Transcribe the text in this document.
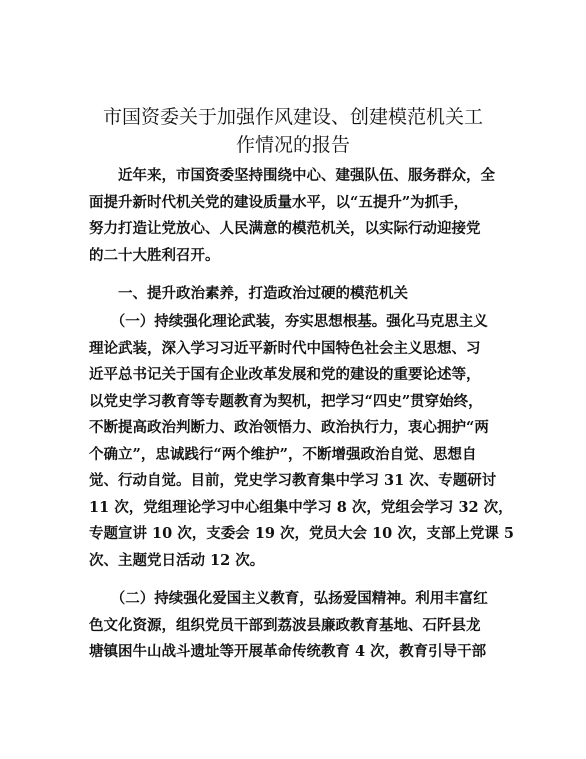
市国资委关于加强作风建设、创建模范机关工
作情况的报告
　　近年来，市国资委坚持围绕中心、建强队伍、服务群众，全
面提升新时代机关党的建设质量水平，以“五提升”为抓手，
努力打造让党放心、人民满意的模范机关，以实际行动迎接党
的二十大胜利召开。
　　一、提升政治素养，打造政治过硬的模范机关
　　（一）持续强化理论武装，夯实思想根基。强化马克思主义
理论武装，深入学习习近平新时代中国特色社会主义思想、习
近平总书记关于国有企业改革发展和党的建设的重要论述等，
以党史学习教育等专题教育为契机，把学习“四史”贯穿始终，
不断提高政治判断力、政治领悟力、政治执行力，衷心拥护“两
个确立”，忠诚践行“两个维护”，不断增强政治自觉、思想自
觉、行动自觉。目前，党史学习教育集中学习 31 次、专题研讨
11 次，党组理论学习中心组集中学习 8 次，党组会学习 32 次，
专题宣讲 10 次，支委会 19 次，党员大会 10 次，支部上党课 5
次、主题党日活动 12 次。
　　（二）持续强化爱国主义教育，弘扬爱国精神。利用丰富红
色文化资源，组织党员干部到荔波县廉政教育基地、石阡县龙
塘镇困牛山战斗遗址等开展革命传统教育 4 次，教育引导干部
